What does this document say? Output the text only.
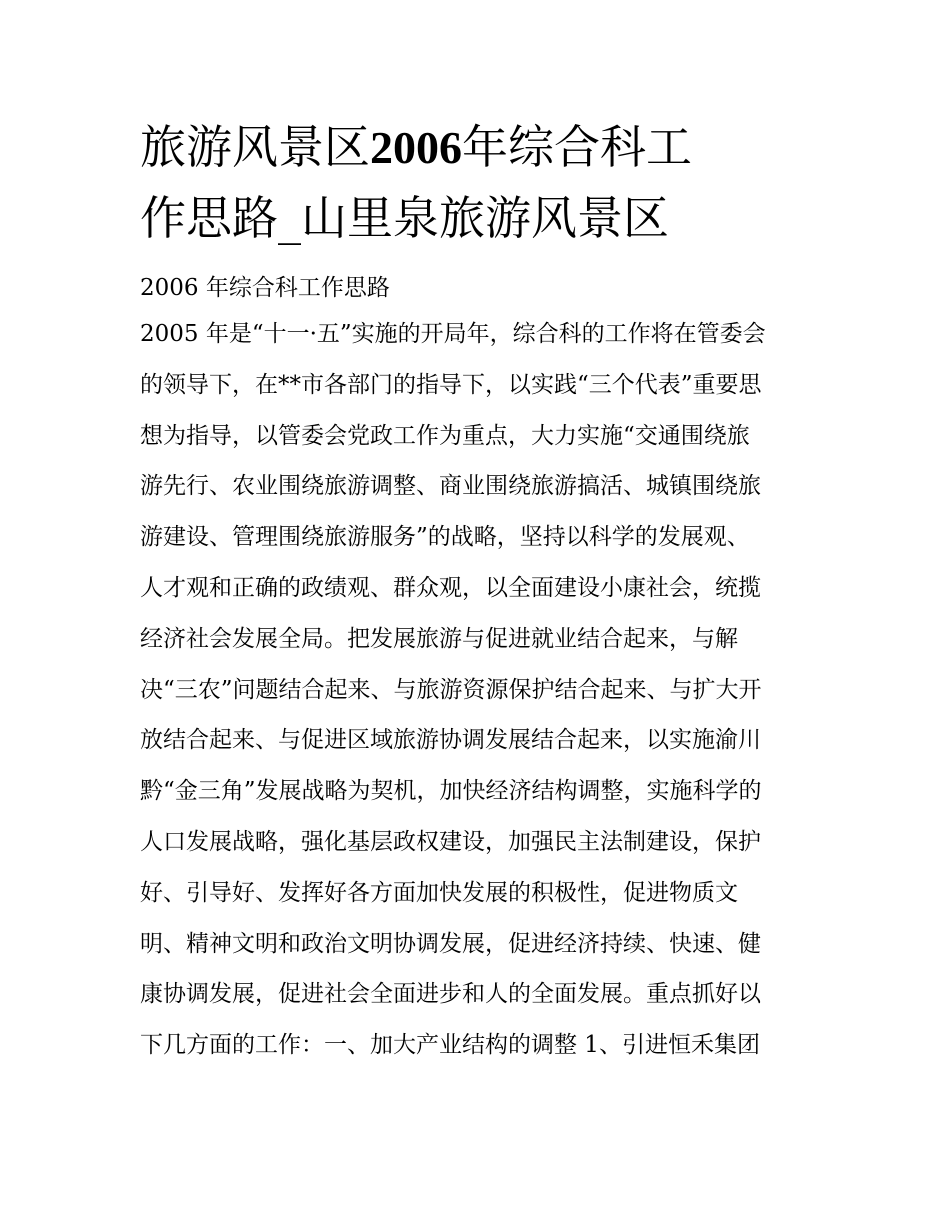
旅游风景区2006年综合科工
作思路_山里泉旅游风景区

2006 年综合科工作思路

2005 年是“十一·五”实施的开局年，综合科的工作将在管委会
的领导下，在**市各部门的指导下，以实践“三个代表”重要思
想为指导，以管委会党政工作为重点，大力实施“交通围绕旅
游先行、农业围绕旅游调整、商业围绕旅游搞活、城镇围绕旅
游建设、管理围绕旅游服务”的战略，坚持以科学的发展观、
人才观和正确的政绩观、群众观，以全面建设小康社会，统揽
经济社会发展全局。把发展旅游与促进就业结合起来，与解
决“三农”问题结合起来、与旅游资源保护结合起来、与扩大开
放结合起来、与促进区域旅游协调发展结合起来，以实施渝川
黔“金三角”发展战略为契机，加快经济结构调整，实施科学的
人口发展战略，强化基层政权建设，加强民主法制建设，保护
好、引导好、发挥好各方面加快发展的积极性，促进物质文
明、精神文明和政治文明协调发展，促进经济持续、快速、健
康协调发展，促进社会全面进步和人的全面发展。重点抓好以
下几方面的工作：一、加大产业结构的调整 1、引进恒禾集团
